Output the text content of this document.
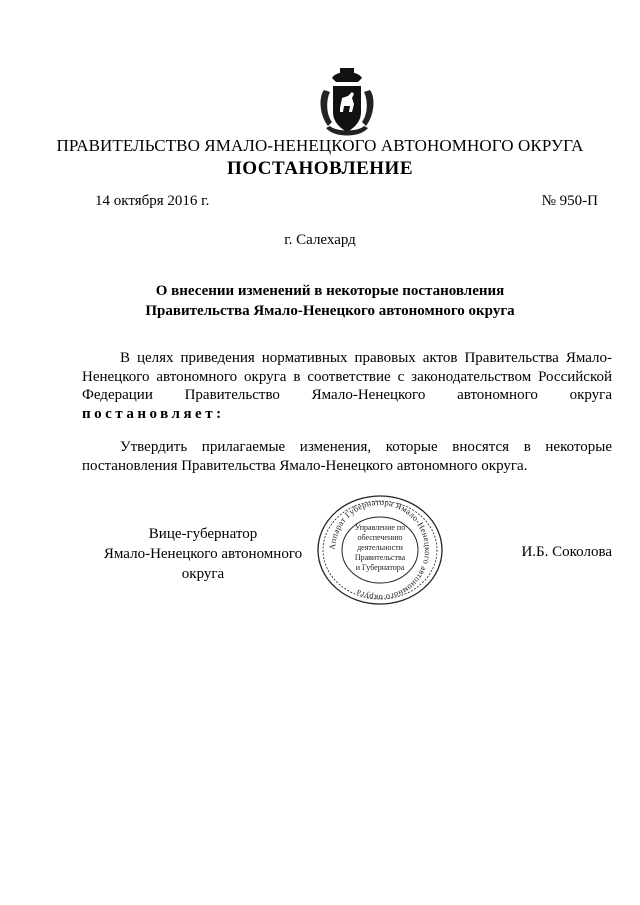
ПРАВИТЕЛЬСТВО ЯМАЛО-НЕНЕЦКОГО АВТОНОМНОГО ОКРУГА
ПОСТАНОВЛЕНИЕ
14 октября 2016 г.	№ 950-П
г. Салехард
О внесении изменений в некоторые постановления
Правительства Ямало-Ненецкого автономного округа

В целях приведения нормативных правовых актов Правительства Ямало-Ненецкого автономного округа в соответствие с законодательством Российской Федерации Правительство Ямало-Ненецкого автономного округа постановляет:

Утвердить прилагаемые изменения, которые вносятся в некоторые постановления Правительства Ямало-Ненецкого автономного округа.

Вице-губернатор
Ямало-Ненецкого автономного округа
И.Б. Соколова
Аппарат Губернатора Ямало-Ненецкого автономного округа
Управление по
обеспечению
деятельности
Правительства
и Губернатора
